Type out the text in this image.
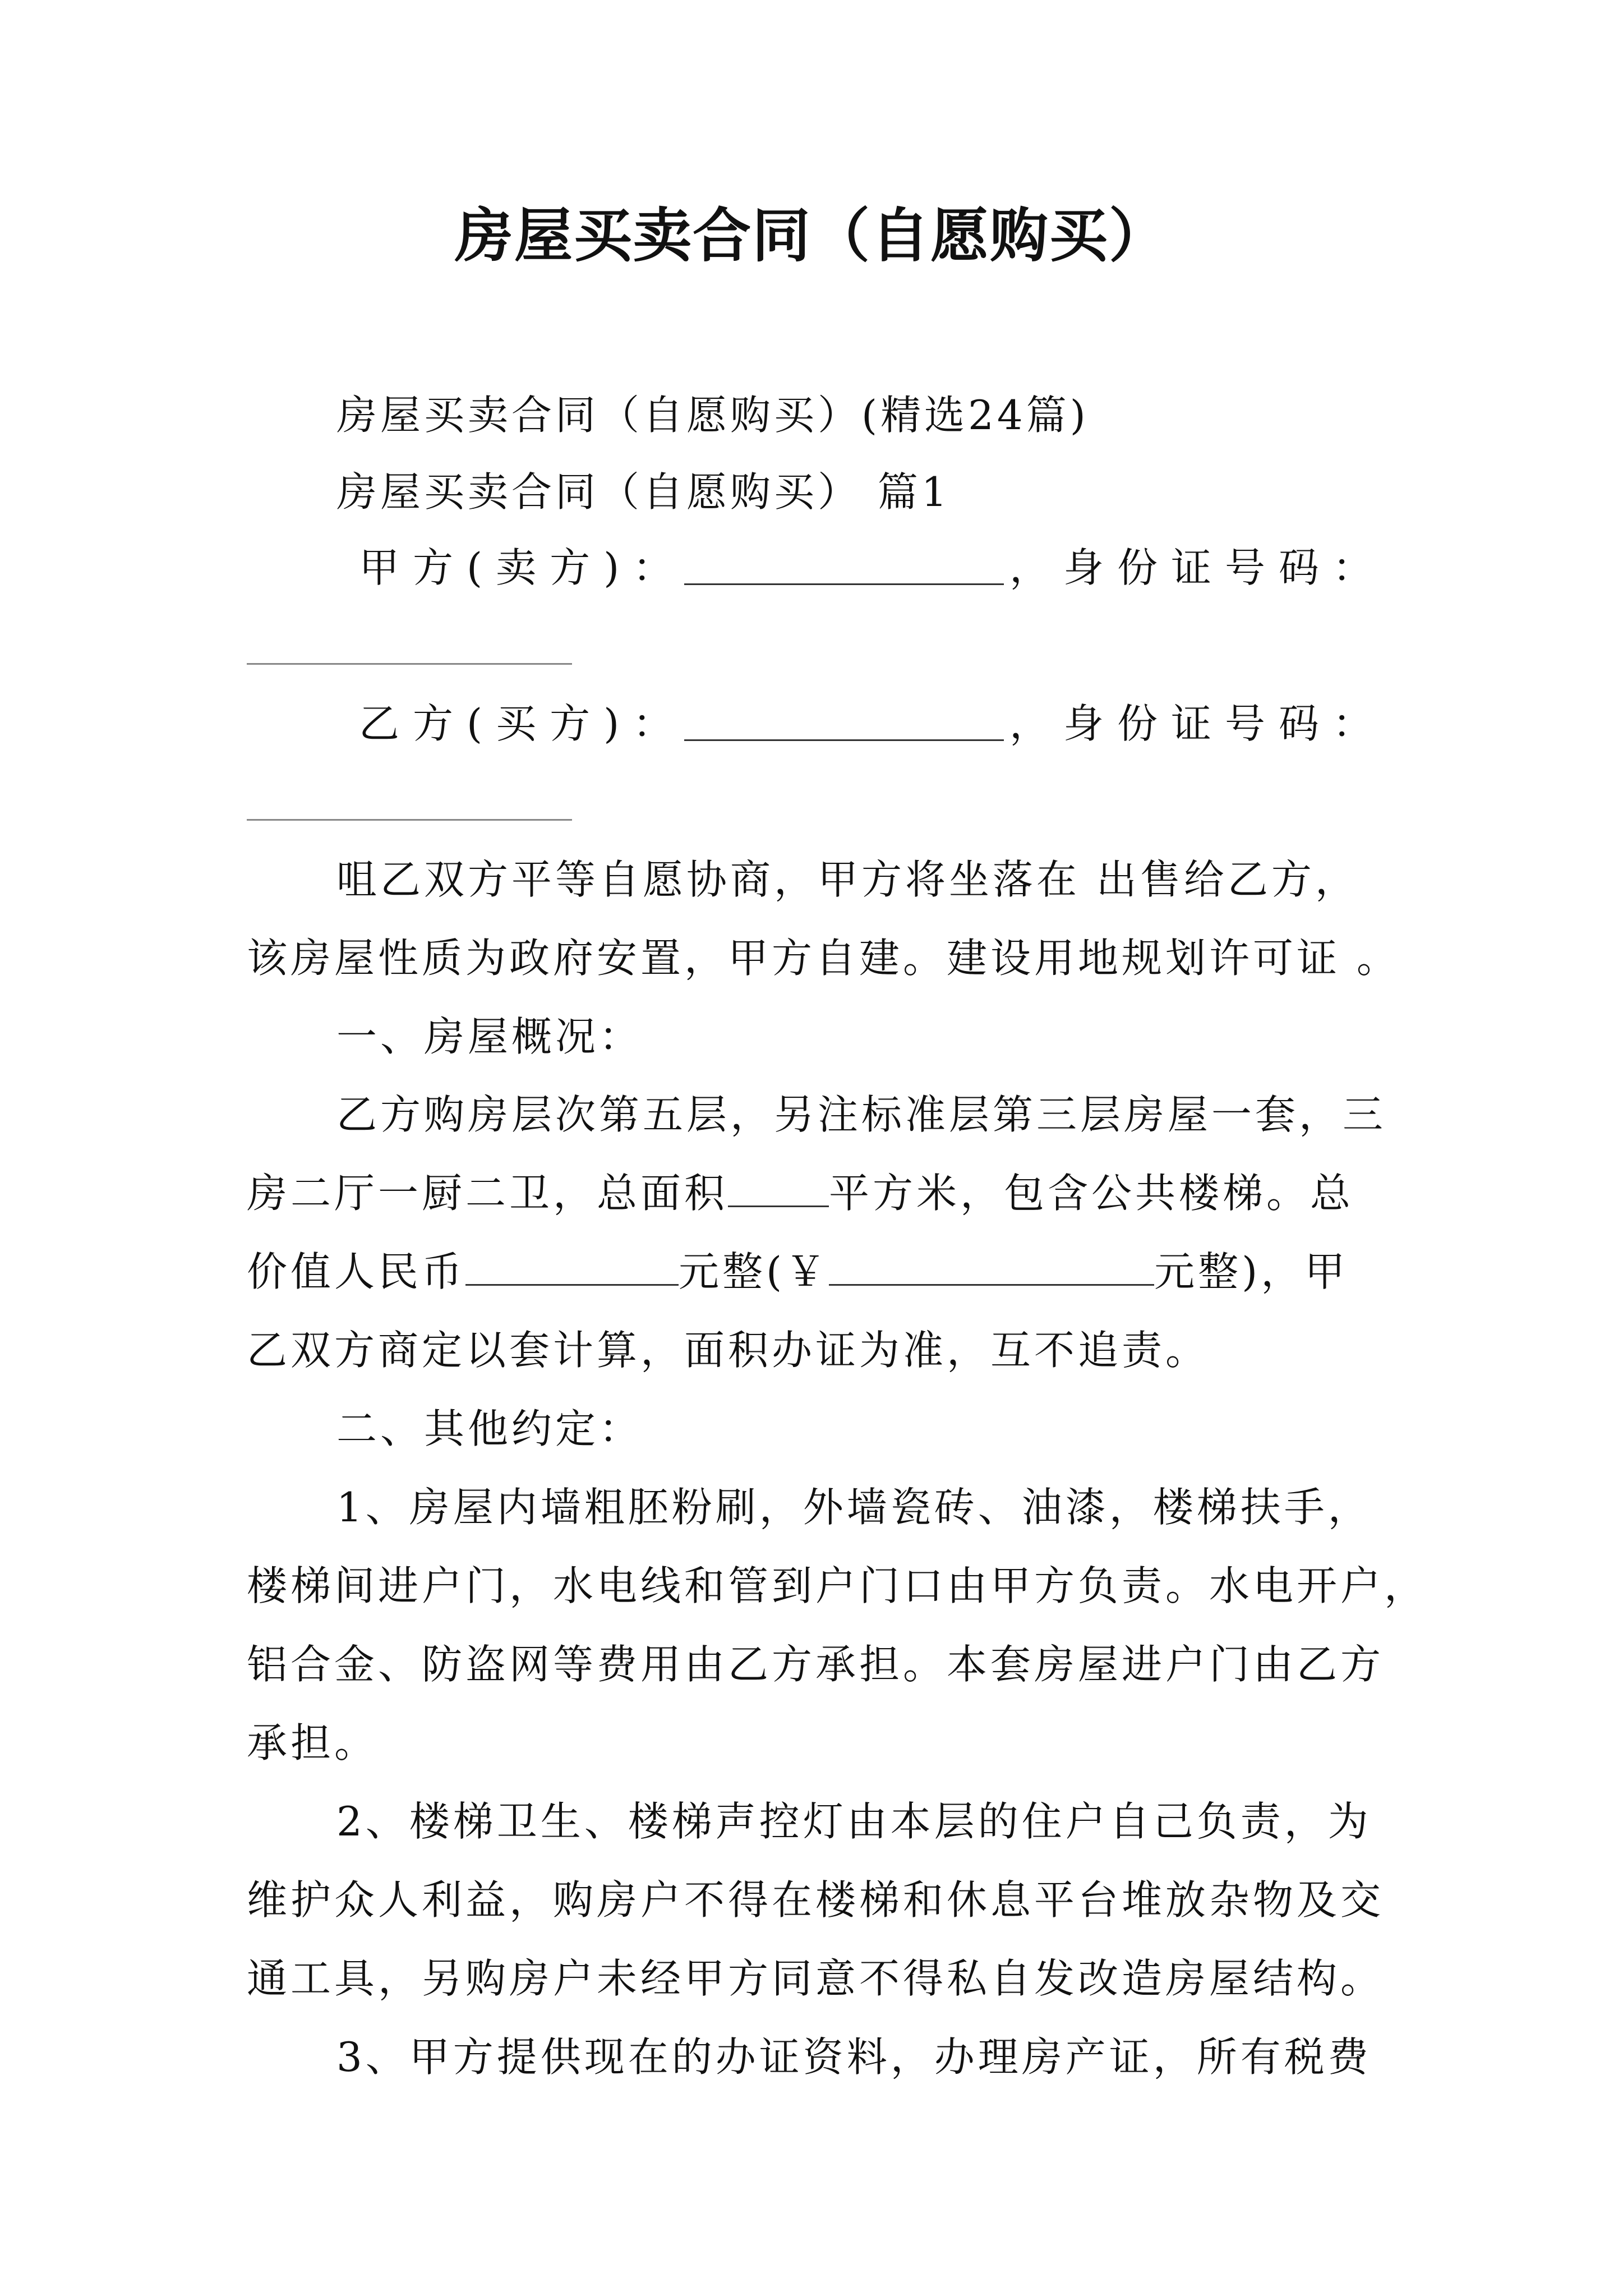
房屋买卖合同（自愿购买）
房屋买卖合同（自愿购买）(精选24篇)
房屋买卖合同（自愿购买） 篇1
甲方(卖方)：	，身份证号码：
乙方(买方)：	，身份证号码：
咀乙双方平等自愿协商，甲方将坐落在 出售给乙方，
该房屋性质为政府安置，甲方自建。建设用地规划许可证 。
一、房屋概况：
乙方购房层次第五层，另注标准层第三层房屋一套，三
房二厅一厨二卫，总面积	平方米，包含公共楼梯。总
价值人民币	元整(￥	元整)，甲
乙双方商定以套计算，面积办证为准，互不追责。
二、其他约定：
1、房屋内墙粗胚粉刷，外墙瓷砖、油漆，楼梯扶手，
楼梯间进户门，水电线和管到户门口由甲方负责。水电开户，
铝合金、防盗网等费用由乙方承担。本套房屋进户门由乙方
承担。
2、楼梯卫生、楼梯声控灯由本层的住户自己负责，为
维护众人利益，购房户不得在楼梯和休息平台堆放杂物及交
通工具，另购房户未经甲方同意不得私自发改造房屋结构。
3、甲方提供现在的办证资料，办理房产证，所有税费
